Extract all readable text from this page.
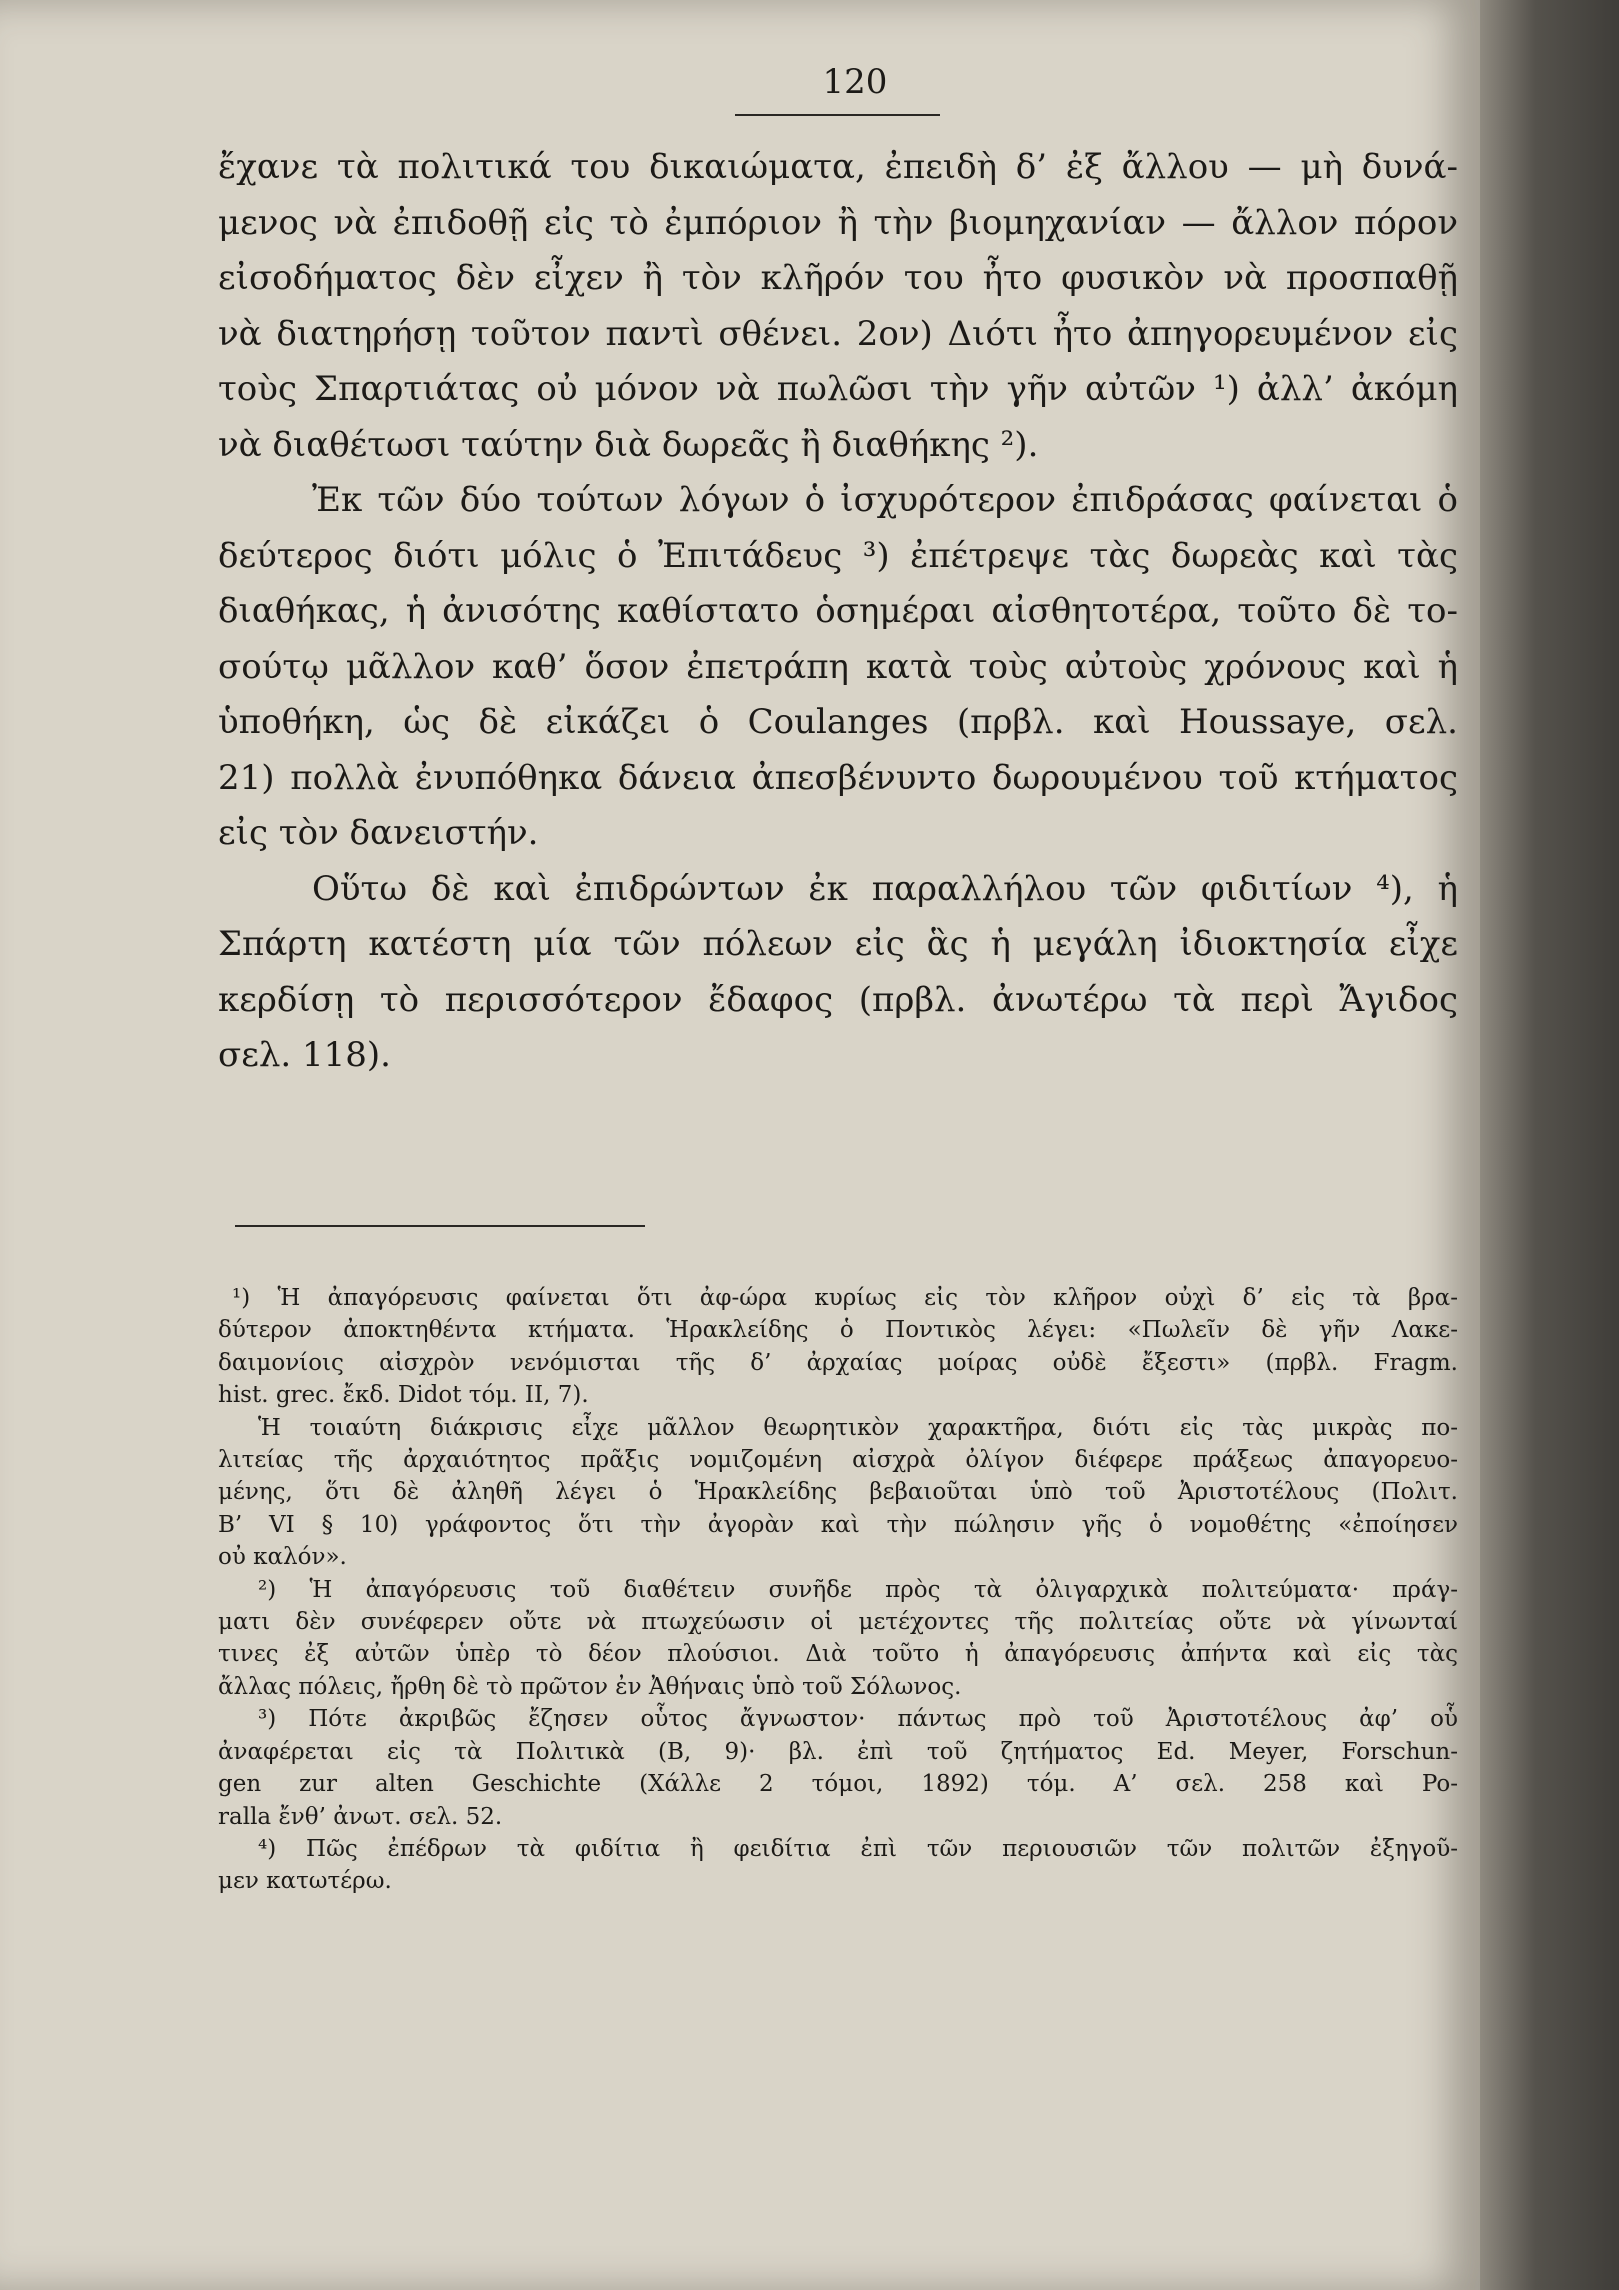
120
ἔχανε τὰ πολιτικά του δικαιώματα, ἐπειδὴ δ’ ἐξ ἄλλου — μὴ δυνά-
μενος νὰ ἐπιδοθῇ εἰς τὸ ἐμπόριον ἢ τὴν βιομηχανίαν — ἄλλον πόρον
εἰσοδήματος δὲν εἶχεν ἢ τὸν κλῆρόν του ἦτο φυσικὸν νὰ προσπαθῇ
νὰ διατηρήσῃ τοῦτον παντὶ σθένει. 2ον) Διότι ἦτο ἀπηγορευμένον εἰς
τοὺς Σπαρτιάτας οὐ μόνον νὰ πωλῶσι τὴν γῆν αὐτῶν ¹) ἀλλ’ ἀκόμη
νὰ διαθέτωσι ταύτην διὰ δωρεᾶς ἢ διαθήκης ²).
Ἐκ τῶν δύο τούτων λόγων ὁ ἰσχυρότερον ἐπιδράσας φαίνεται ὁ
δεύτερος διότι μόλις ὁ Ἐπιτάδευς ³) ἐπέτρεψε τὰς δωρεὰς καὶ τὰς
διαθήκας, ἡ ἀνισότης καθίστατο ὁσημέραι αἰσθητοτέρα, τοῦτο δὲ το-
σούτῳ μᾶλλον καθ’ ὅσον ἐπετράπη κατὰ τοὺς αὐτοὺς χρόνους καὶ ἡ
ὑποθήκη, ὡς δὲ εἰκάζει ὁ Coulanges (πρβλ. καὶ Houssaye, σελ.
21) πολλὰ ἐνυπόθηκα δάνεια ἀπεσβένυντο δωρουμένου τοῦ κτήματος
εἰς τὸν δανειστήν.
Οὕτω δὲ καὶ ἐπιδρώντων ἐκ παραλλήλου τῶν φιδιτίων ⁴), ἡ
Σπάρτη κατέστη μία τῶν πόλεων εἰς ἃς ἡ μεγάλη ἰδιοκτησία εἶχε
κερδίσῃ τὸ περισσότερον ἔδαφος (πρβλ. ἀνωτέρω τὰ περὶ Ἄγιδος
σελ. 118).
¹) Ἡ ἀπαγόρευσις φαίνεται ὅτι ἀφ-ώρα κυρίως εἰς τὸν κλῆρον οὐχὶ δ’ εἰς τὰ βρα-
δύτερον ἀποκτηθέντα κτήματα. Ἡρακλείδης ὁ Ποντικὸς λέγει: «Πωλεῖν δὲ γῆν Λακε-
δαιμονίοις αἰσχρὸν νενόμισται τῆς δ’ ἀρχαίας μοίρας οὐδὲ ἔξεστι» (πρβλ. Fragm.
hist. grec. ἔκδ. Didot τόμ. II, 7).
Ἡ τοιαύτη διάκρισις εἶχε μᾶλλον θεωρητικὸν χαρακτῆρα, διότι εἰς τὰς μικρὰς πο-
λιτείας τῆς ἀρχαιότητος πρᾶξις νομιζομένη αἰσχρὰ ὀλίγον διέφερε πράξεως ἀπαγορευο-
μένης, ὅτι δὲ ἀληθῆ λέγει ὁ Ἡρακλείδης βεβαιοῦται ὑπὸ τοῦ Ἀριστοτέλους (Πολιτ.
Β’ VI § 10) γράφοντος ὅτι τὴν ἀγορὰν καὶ τὴν πώλησιν γῆς ὁ νομοθέτης «ἐποίησεν
οὐ καλόν».
²) Ἡ ἀπαγόρευσις τοῦ διαθέτειν συνῆδε πρὸς τὰ ὀλιγαρχικὰ πολιτεύματα· πράγ-
ματι δὲν συνέφερεν οὔτε νὰ πτωχεύωσιν οἱ μετέχοντες τῆς πολιτείας οὔτε νὰ γίνωνταί
τινες ἐξ αὐτῶν ὑπὲρ τὸ δέον πλούσιοι. Διὰ τοῦτο ἡ ἀπαγόρευσις ἀπήντα καὶ εἰς τὰς
ἄλλας πόλεις, ἤρθη δὲ τὸ πρῶτον ἐν Ἀθήναις ὑπὸ τοῦ Σόλωνος.
³) Πότε ἀκριβῶς ἔζησεν οὗτος ἄγνωστον· πάντως πρὸ τοῦ Ἀριστοτέλους ἀφ’ οὗ
ἀναφέρεται εἰς τὰ Πολιτικὰ (Β, 9)· βλ. ἐπὶ τοῦ ζητήματος Ed. Meyer, Forschun-
gen zur alten Geschichte (Χάλλε 2 τόμοι, 1892) τόμ. Α’ σελ. 258 καὶ Po-
ralla ἔνθ’ ἀνωτ. σελ. 52.
⁴) Πῶς ἐπέδρων τὰ φιδίτια ἢ φειδίτια ἐπὶ τῶν περιουσιῶν τῶν πολιτῶν ἐξηγοῦ-
μεν κατωτέρω.
